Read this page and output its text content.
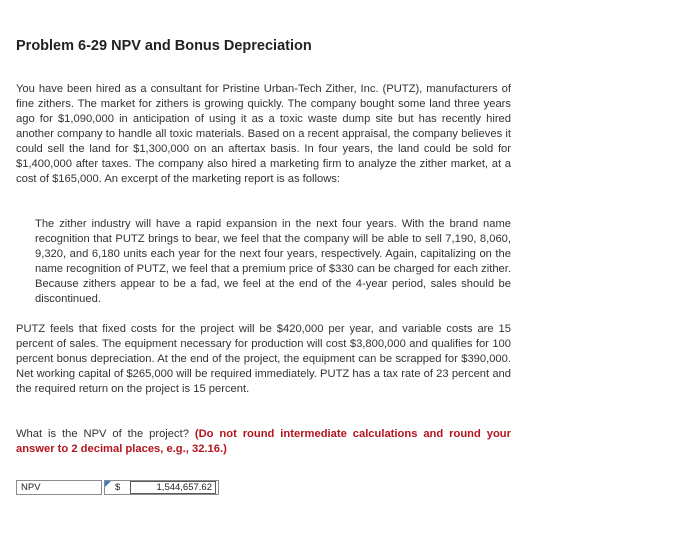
Problem 6-29 NPV and Bonus Depreciation

You have been hired as a consultant for Pristine Urban-Tech Zither, Inc. (PUTZ), manufacturers of fine zithers. The market for zithers is growing quickly. The company bought some land three years ago for $1,090,000 in anticipation of using it as a toxic waste dump site but has recently hired another company to handle all toxic materials. Based on a recent appraisal, the company believes it could sell the land for $1,300,000 on an aftertax basis. In four years, the land could be sold for $1,400,000 after taxes. The company also hired a marketing firm to analyze the zither market, at a cost of $165,000. An excerpt of the marketing report is as follows:

The zither industry will have a rapid expansion in the next four years. With the brand name recognition that PUTZ brings to bear, we feel that the company will be able to sell 7,190, 8,060, 9,320, and 6,180 units each year for the next four years, respectively. Again, capitalizing on the name recognition of PUTZ, we feel that a premium price of $330 can be charged for each zither. Because zithers appear to be a fad, we feel at the end of the 4-year period, sales should be discontinued.

PUTZ feels that fixed costs for the project will be $420,000 per year, and variable costs are 15 percent of sales. The equipment necessary for production will cost $3,800,000 and qualifies for 100 percent bonus depreciation. At the end of the project, the equipment can be scrapped for $390,000. Net working capital of $265,000 will be required immediately. PUTZ has a tax rate of 23 percent and the required return on the project is 15 percent.

What is the NPV of the project? (Do not round intermediate calculations and round your answer to 2 decimal places, e.g., 32.16.)

NPV	$	1,544,657.62
